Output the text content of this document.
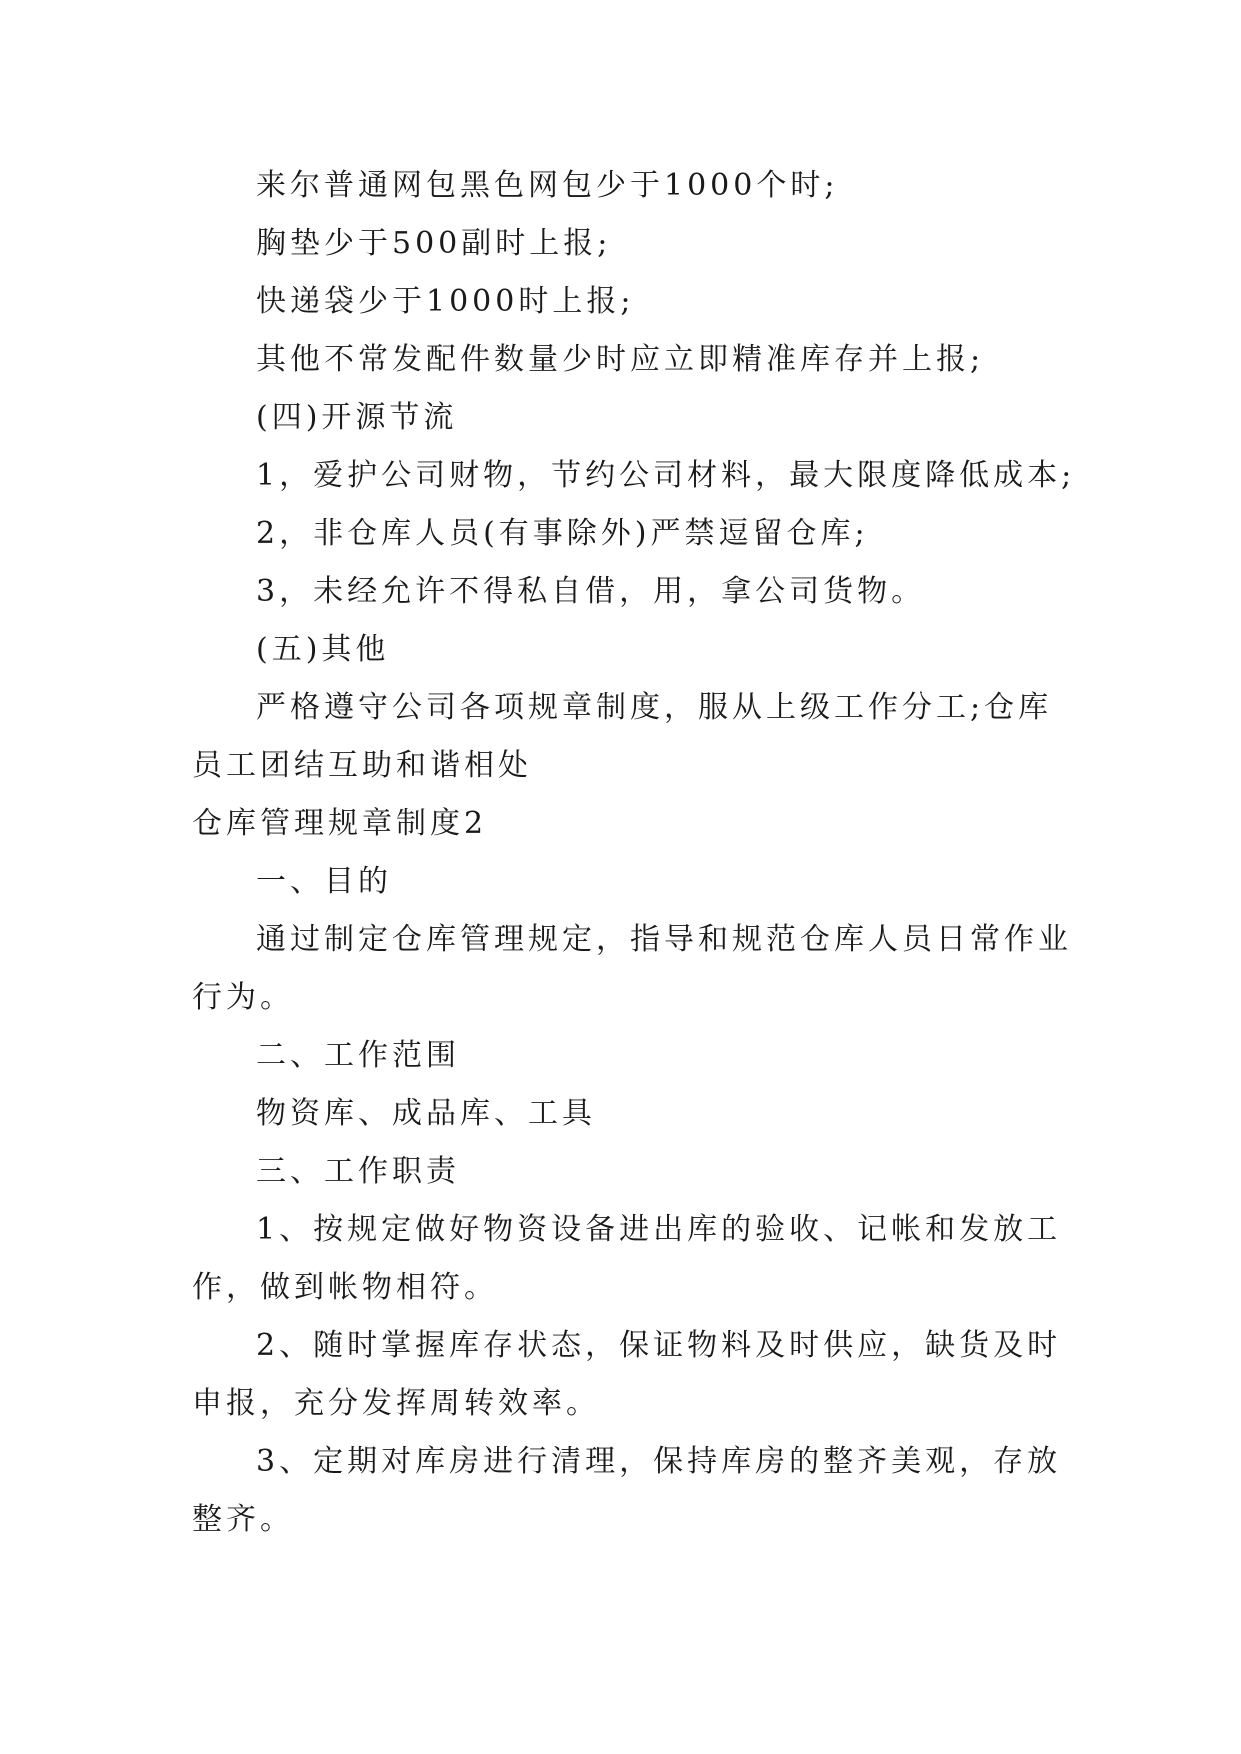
来尔普通网包黑色网包少于1000个时;
胸垫少于500副时上报;
快递袋少于1000时上报;
其他不常发配件数量少时应立即精准库存并上报;
(四)开源节流
1，爱护公司财物，节约公司材料，最大限度降低成本;
2，非仓库人员(有事除外)严禁逗留仓库;
3，未经允许不得私自借，用，拿公司货物。
(五)其他
严格遵守公司各项规章制度，服从上级工作分工;仓库
员工团结互助和谐相处
仓库管理规章制度2
一、目的
通过制定仓库管理规定，指导和规范仓库人员日常作业
行为。
二、工作范围
物资库、成品库、工具
三、工作职责
1、按规定做好物资设备进出库的验收、记帐和发放工
作，做到帐物相符。
2、随时掌握库存状态，保证物料及时供应，缺货及时
申报，充分发挥周转效率。
3、定期对库房进行清理，保持库房的整齐美观，存放
整齐。
